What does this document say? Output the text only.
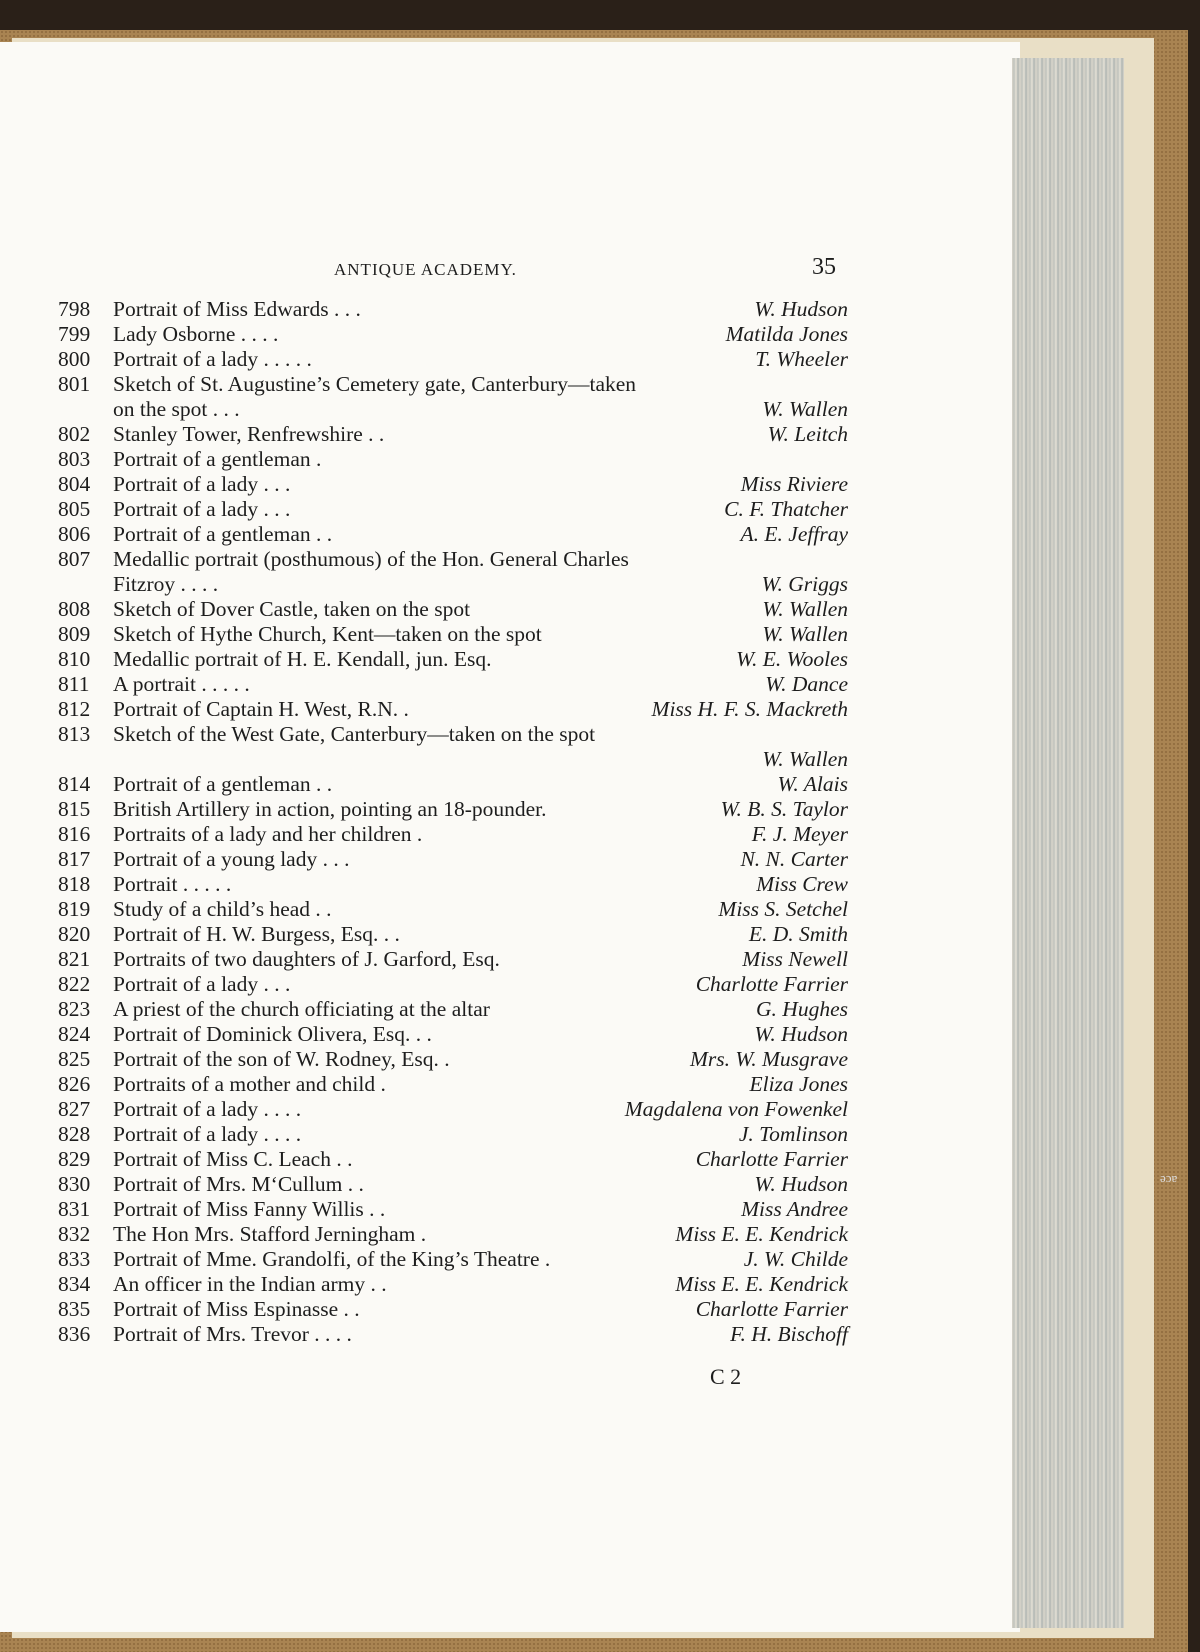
ANTIQUE ACADEMY.	35
798 Portrait of Miss Edwards . . .	W. Hudson
799 Lady Osborne . . . .	Matilda Jones
800 Portrait of a lady . . . . .	T. Wheeler
801 Sketch of St. Augustine’s Cemetery gate, Canterbury—taken
on the spot . . .	W. Wallen
802 Stanley Tower, Renfrewshire . .	W. Leitch
803 Portrait of a gentleman .
804 Portrait of a lady . . .	Miss Riviere
805 Portrait of a lady . . .	C. F. Thatcher
806 Portrait of a gentleman . .	A. E. Jeffray
807 Medallic portrait (posthumous) of the Hon. General Charles
Fitzroy . . . .	W. Griggs
808 Sketch of Dover Castle, taken on the spot	W. Wallen
809 Sketch of Hythe Church, Kent—taken on the spot	W. Wallen
810 Medallic portrait of H. E. Kendall, jun. Esq.	W. E. Wooles
811 A portrait . . . . .	W. Dance
812 Portrait of Captain H. West, R.N. .	Miss H. F. S. Mackreth
813 Sketch of the West Gate, Canterbury—taken on the spot
W. Wallen
814 Portrait of a gentleman . .	W. Alais
815 British Artillery in action, pointing an 18-pounder.	W. B. S. Taylor
816 Portraits of a lady and her children .	F. J. Meyer
817 Portrait of a young lady . . .	N. N. Carter
818 Portrait . . . . .	Miss Crew
819 Study of a child’s head . .	Miss S. Setchel
820 Portrait of H. W. Burgess, Esq. . .	E. D. Smith
821 Portraits of two daughters of J. Garford, Esq.	Miss Newell
822 Portrait of a lady . . .	Charlotte Farrier
823 A priest of the church officiating at the altar	G. Hughes
824 Portrait of Dominick Olivera, Esq. . .	W. Hudson
825 Portrait of the son of W. Rodney, Esq. .	Mrs. W. Musgrave
826 Portraits of a mother and child .	Eliza Jones
827 Portrait of a lady . . . .	Magdalena von Fowenkel
828 Portrait of a lady . . . .	J. Tomlinson
829 Portrait of Miss C. Leach . .	Charlotte Farrier
830 Portrait of Mrs. M‘Cullum . .	W. Hudson
831 Portrait of Miss Fanny Willis . .	Miss Andree
832 The Hon Mrs. Stafford Jerningham .	Miss E. E. Kendrick
833 Portrait of Mme. Grandolfi, of the King’s Theatre .	J. W. Childe
834 An officer in the Indian army . .	Miss E. E. Kendrick
835 Portrait of Miss Espinasse . .	Charlotte Farrier
836 Portrait of Mrs. Trevor . . . .	F. H. Bischoff
C 2
ǝɔɐ
